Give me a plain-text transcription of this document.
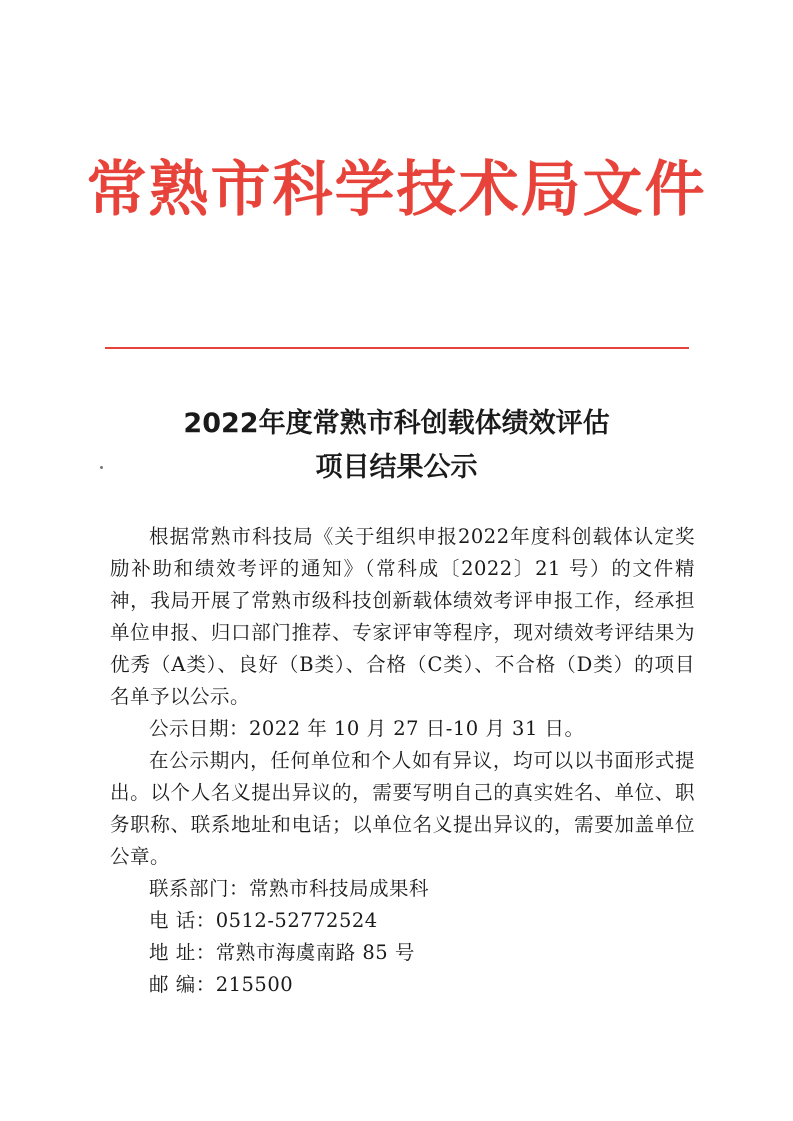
常熟市科学技术局文件
2022年度常熟市科创载体绩效评估
项目结果公示

根据常熟市科技局《关于组织申报2022年度科创载体认定奖励补助和绩效考评的通知》（常科成〔2022〕21 号）的文件精神，我局开展了常熟市级科技创新载体绩效考评申报工作，经承担单位申报、归口部门推荐、专家评审等程序，现对绩效考评结果为优秀（A类）、良好（B类）、合格（C类）、不合格（D类）的项目名单予以公示。

公示日期：2022 年 10 月 27 日-10 月 31 日。

在公示期内，任何单位和个人如有异议，均可以以书面形式提出。以个人名义提出异议的，需要写明自己的真实姓名、单位、职务职称、联系地址和电话；以单位名义提出异议的，需要加盖单位公章。

联系部门：常熟市科技局成果科

电 话：0512-52772524

地 址：常熟市海虞南路 85 号

邮 编：215500
